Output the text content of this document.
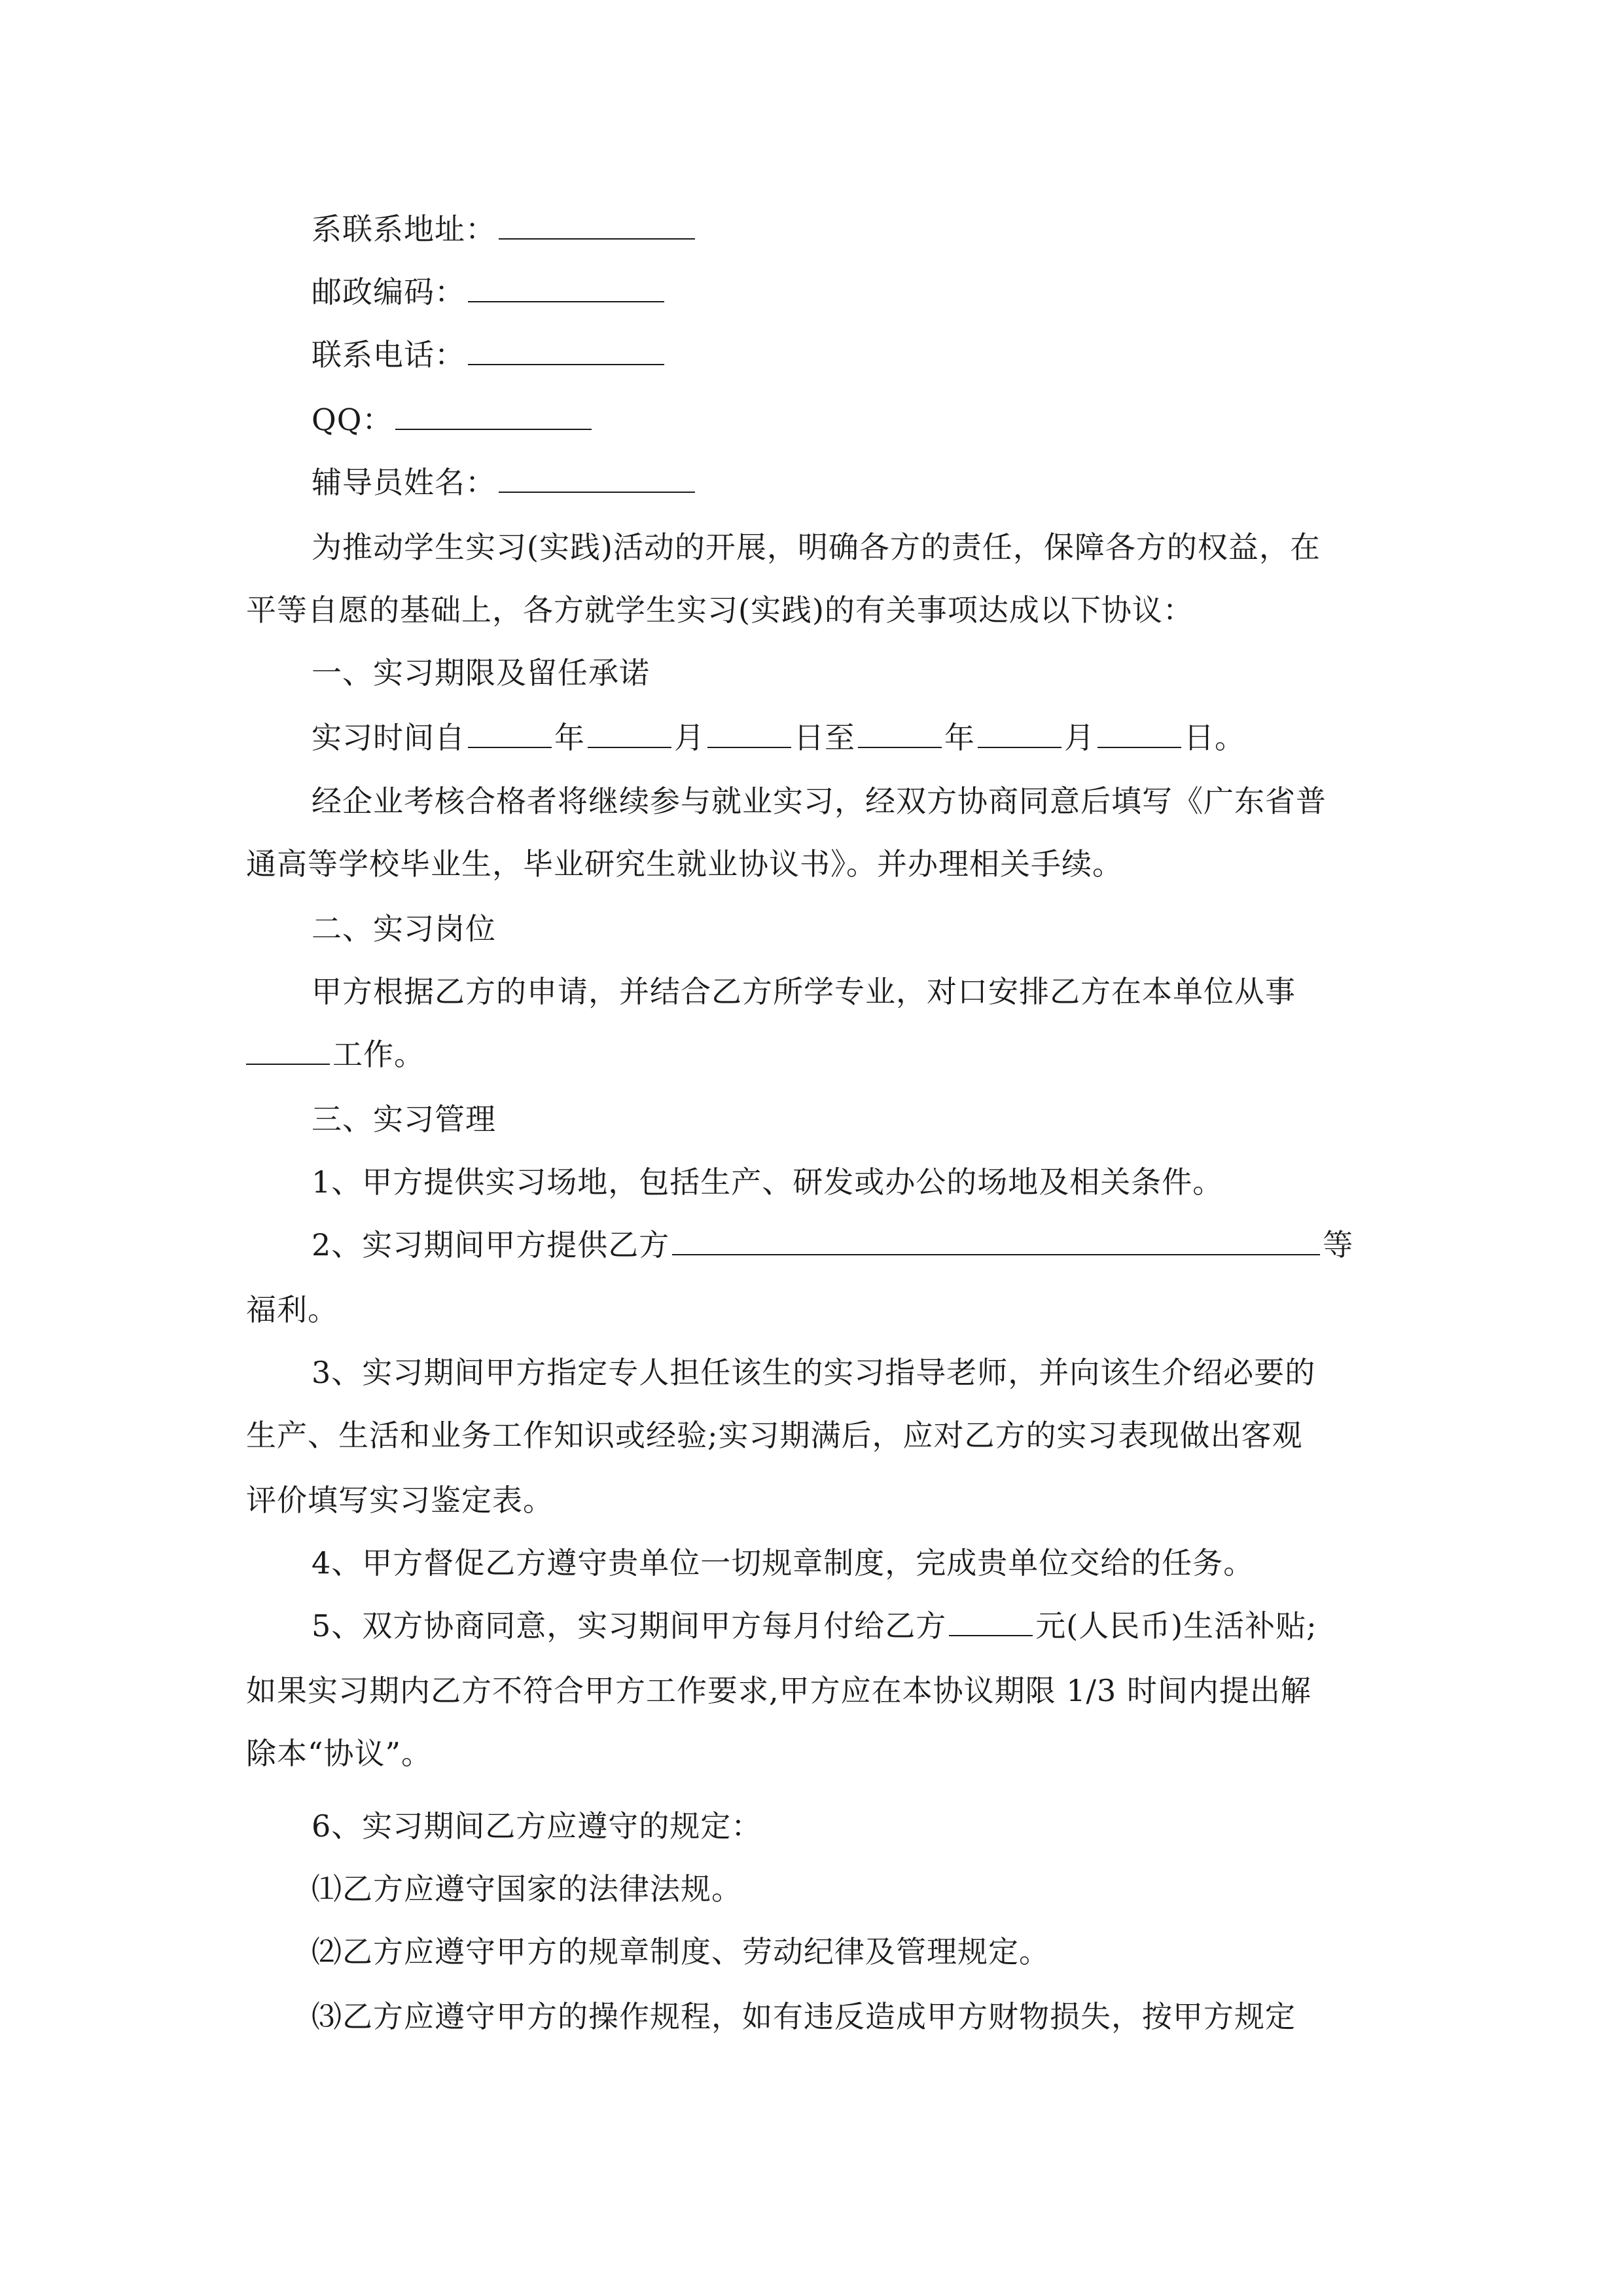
系联系地址：
邮政编码：
联系电话：
QQ：
辅导员姓名：
为推动学生实习(实践)活动的开展，明确各方的责任，保障各方的权益，在
平等自愿的基础上，各方就学生实习(实践)的有关事项达成以下协议：
一、实习期限及留任承诺
实习时间自	年	月	日至	年	月	日。
经企业考核合格者将继续参与就业实习，经双方协商同意后填写《广东省普
通高等学校毕业生，毕业研究生就业协议书》。并办理相关手续。
二、实习岗位
甲方根据乙方的申请，并结合乙方所学专业，对口安排乙方在本单位从事
工作。
三、实习管理
1、甲方提供实习场地，包括生产、研发或办公的场地及相关条件。
2、实习期间甲方提供乙方	等
福利。
3、实习期间甲方指定专人担任该生的实习指导老师，并向该生介绍必要的
生产、生活和业务工作知识或经验;实习期满后，应对乙方的实习表现做出客观
评价填写实习鉴定表。
4、甲方督促乙方遵守贵单位一切规章制度，完成贵单位交给的任务。
5、双方协商同意，实习期间甲方每月付给乙方	元(人民币)生活补贴;
如果实习期内乙方不符合甲方工作要求,甲方应在本协议期限 1/3 时间内提出解
除本“协议”。
6、实习期间乙方应遵守的规定：
⑴乙方应遵守国家的法律法规。
⑵乙方应遵守甲方的规章制度、劳动纪律及管理规定。
⑶乙方应遵守甲方的操作规程，如有违反造成甲方财物损失，按甲方规定
